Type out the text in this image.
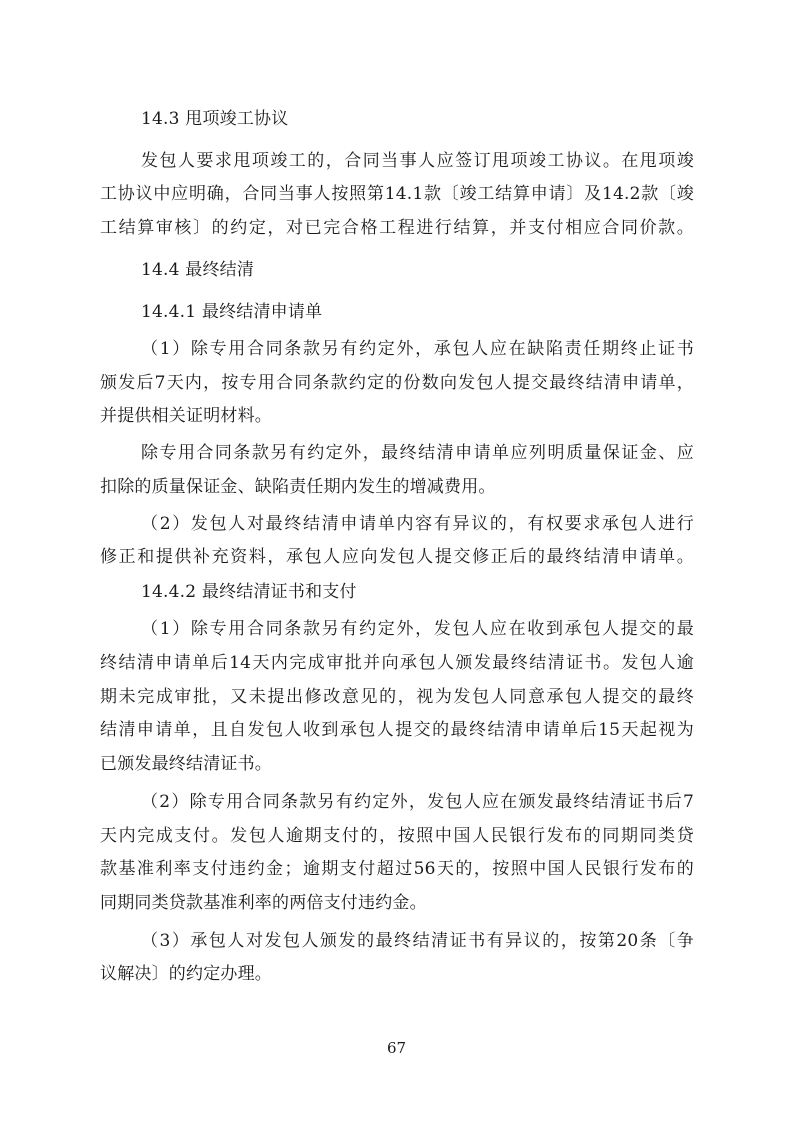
14.3 甩项竣工协议
发包人要求甩项竣工的，合同当事人应签订甩项竣工协议。在甩项竣
工协议中应明确，合同当事人按照第14.1款〔竣工结算申请〕及14.2款〔竣
工结算审核〕的约定，对已完合格工程进行结算，并支付相应合同价款。
14.4 最终结清
14.4.1 最终结清申请单
（1）除专用合同条款另有约定外，承包人应在缺陷责任期终止证书
颁发后7天内，按专用合同条款约定的份数向发包人提交最终结清申请单，
并提供相关证明材料。
除专用合同条款另有约定外，最终结清申请单应列明质量保证金、应
扣除的质量保证金、缺陷责任期内发生的增减费用。
（2）发包人对最终结清申请单内容有异议的，有权要求承包人进行
修正和提供补充资料，承包人应向发包人提交修正后的最终结清申请单。
14.4.2 最终结清证书和支付
（1）除专用合同条款另有约定外，发包人应在收到承包人提交的最
终结清申请单后14天内完成审批并向承包人颁发最终结清证书。发包人逾
期未完成审批，又未提出修改意见的，视为发包人同意承包人提交的最终
结清申请单，且自发包人收到承包人提交的最终结清申请单后15天起视为
已颁发最终结清证书。
（2）除专用合同条款另有约定外，发包人应在颁发最终结清证书后7
天内完成支付。发包人逾期支付的，按照中国人民银行发布的同期同类贷
款基准利率支付违约金；逾期支付超过56天的，按照中国人民银行发布的
同期同类贷款基准利率的两倍支付违约金。
（3）承包人对发包人颁发的最终结清证书有异议的，按第20条〔争
议解决〕的约定办理。
67
